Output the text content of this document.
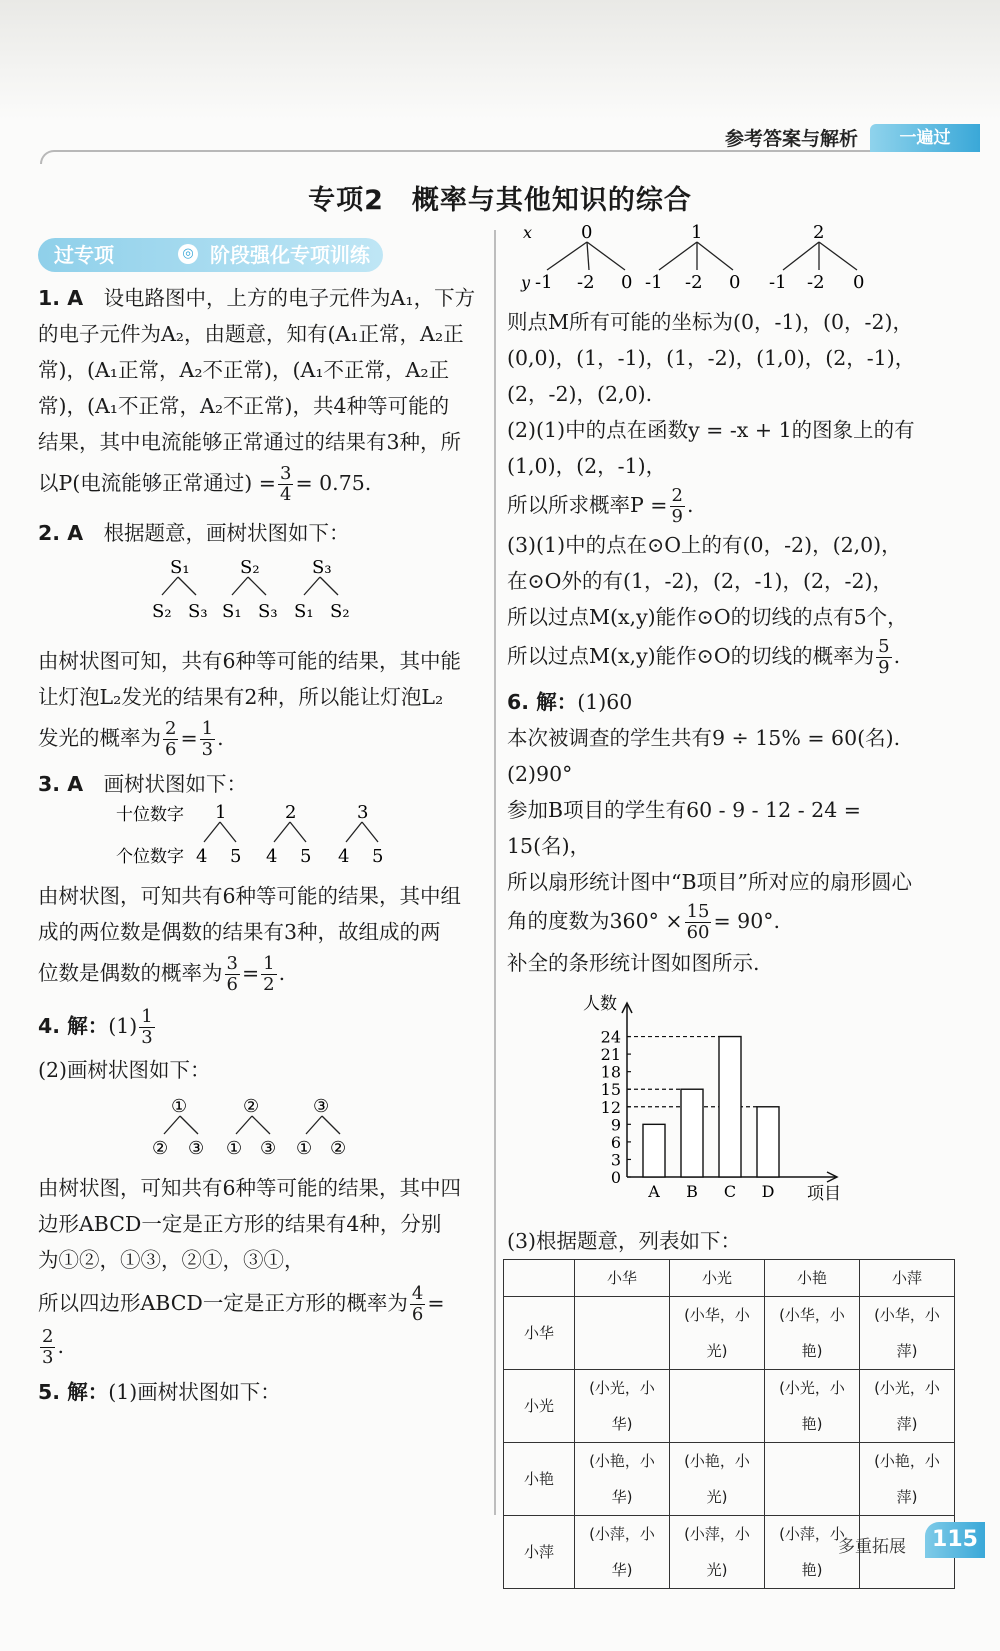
参考答案与解析	一遍过
专项2　概率与其他知识的综合
过专项	◎ 阶段强化专项训练

1. A　 设电路图中，上方的电子元件为A₁，下方

的电子元件为A₂，由题意，知有(A₁正常，A₂正

常)，(A₁正常，A₂不正常)，(A₁不正常，A₂正

常)，(A₁不正常，A₂不正常)，共4种等可能的

结果，其中电流能够正常通过的结果有3种，所

以P(电流能够正常通过) = $\frac{3}{4} = 0.75$.

2. A　 根据题意，画树状图如下：

S₁	S₂	S₃
S₂ S₃ S₁ S₃ S₁ S₂

由树状图可知，共有6种等可能的结果，其中能

让灯泡L₂发光的结果有2种，所以能让灯泡L₂

发光的概率为 $\frac{2}{6} = \frac{1}{3}$ .

3. A　 画树状图如下：

十位数字
个位数字
1	2	3
4 5 4 5 4 5

由树状图，可知共有6种等可能的结果，其中组

成的两位数是偶数的结果有3种，故组成的两

位数是偶数的概率为 $\frac{3}{6} = \frac{1}{2}$ .

4. 解：$(1) \frac{1}{3}$

(2)画树状图如下：

①	②	③
② ③ ① ③ ① ②

由树状图，可知共有6种等可能的结果，其中四

边形ABCD一定是正方形的结果有4种，分别

为①②，①③，②①，③①，

所以四边形ABCD一定是正方形的概率为 $\frac{4}{6}$ =

$\frac{2}{3}$ .

5. 解：(1)画树状图如下：

x
y
0	1	2
-1 -2 0 -1 -2 0 -1 -2 0

则点M所有可能的坐标为(0，-1)，(0，-2)，

(0,0)，(1，-1)，(1，-2)，(1,0)，(2，-1)，

(2，-2)，(2,0).

(2)(1)中的点在函数y = -x + 1的图象上的有

(1,0)，(2，-1)，

所以所求概率$P = \frac{2}{9}$ .

(3)(1)中的点在⊙O上的有(0，-2)，(2,0)，

在⊙O外的有(1，-2)，(2，-1)，(2，-2)，

所以过点M(x,y)能作⊙O的切线的点有5个，

所以过点M(x,y)能作⊙O的切线的概率为 $\frac{5}{9}$ .

6. 解：(1)60

本次被调查的学生共有9 ÷ 15% = 60(名).

(2)90°

参加B项目的学生有60 - 9 - 12 - 24 =

15(名)，

所以扇形统计图中“B项目”所对应的扇形圆心

角的度数为$360^\circ \times \frac{15}{60} = 90^\circ$.

补全的条形统计图如图所示.

人数
项目
0
3
6
9
12
15
18
21
24
A B C D

(3)根据题意，列表如下：

	小华	小光	小艳	小萍
小华		(小华，小光)	(小华，小艳)	(小华，小萍)
小光	(小光，小华)		(小光，小艳)	(小光，小萍)
小艳	(小艳，小华)	(小艳，小光)		(小艳，小萍)
小萍	(小萍，小华)	(小萍，小光)	(小萍，小艳)	
多重拓展	115
